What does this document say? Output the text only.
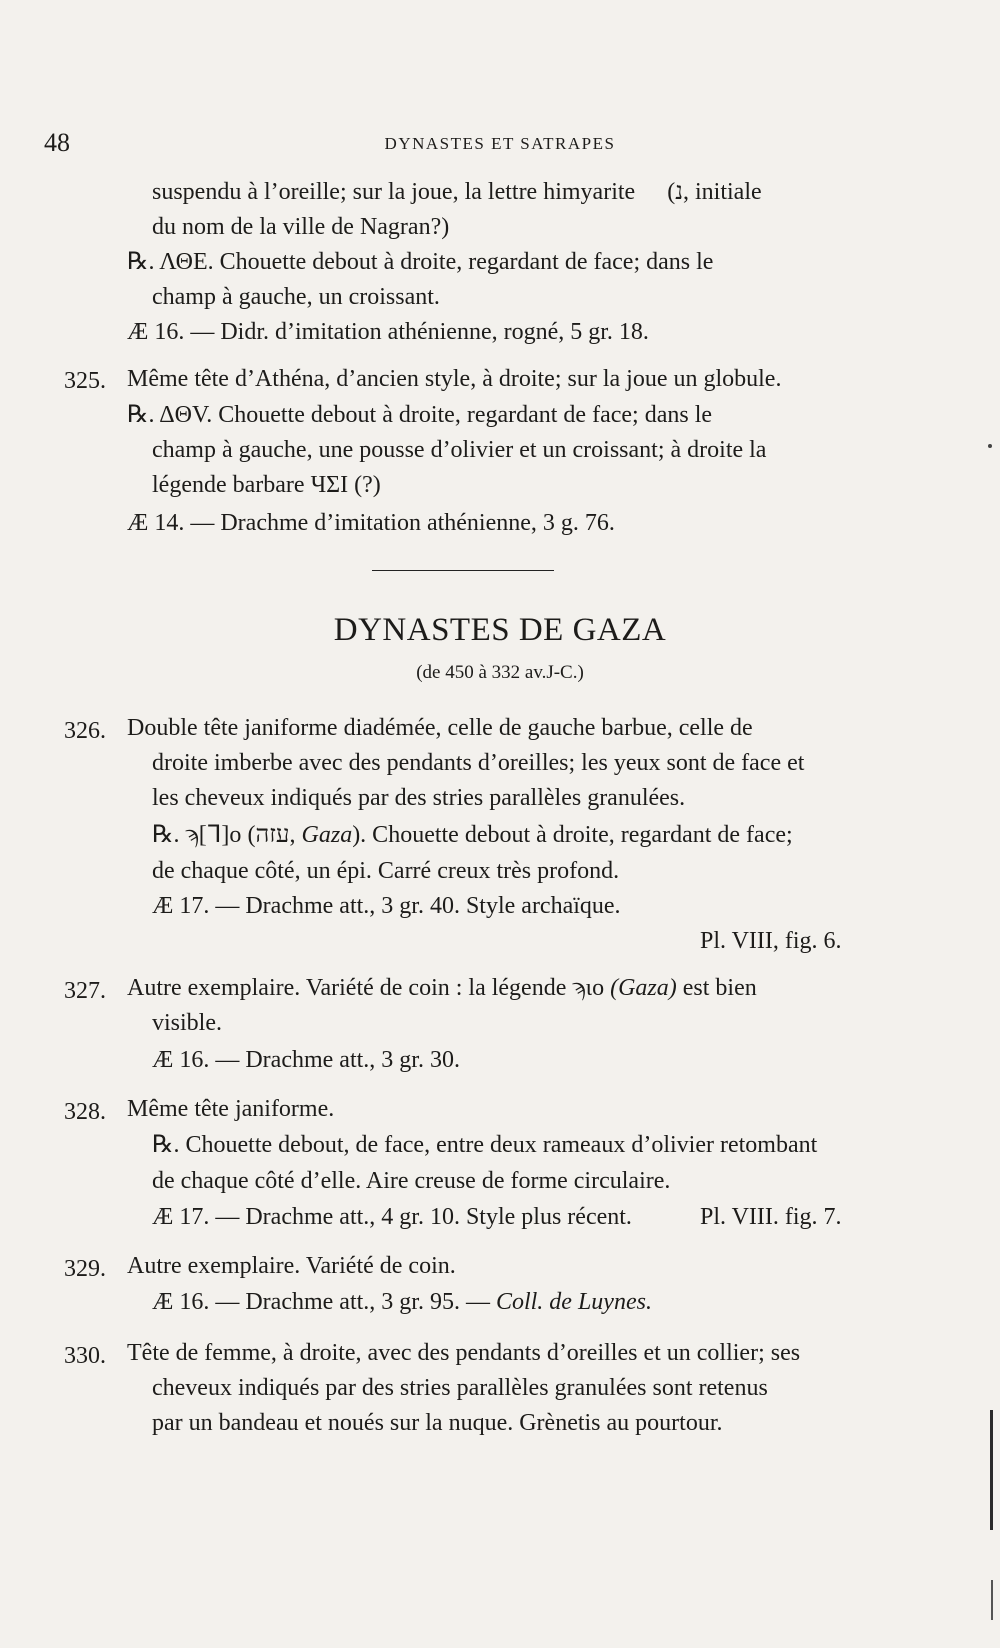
48	DYNASTES ET SATRAPES
suspendu à l’oreille; sur la joue, la lettre himyarite (נ, initiale
du nom de la ville de Nagran?)
℞. ΛΘΕ. Chouette debout à droite, regardant de face; dans le
champ à gauche, un croissant.
Æ 16. — Didr. d’imitation athénienne, rogné, 5 gr. 18.
325. Même tête d’Athéna, d’ancien style, à droite; sur la joue un globule.
℞. ΔΘV. Chouette debout à droite, regardant de face; dans le
champ à gauche, une pousse d’olivier et un croissant; à droite la
légende barbare ЧΣI (?)
Æ 14. — Drachme d’imitation athénienne, 3 g. 76.
DYNASTES DE GAZA
(de 450 à 332 av.J-C.)
326. Double tête janiforme diadémée, celle de gauche barbue, celle de
droite imberbe avec des pendants d’oreilles; les yeux sont de face et
les cheveux indiqués par des stries parallèles granulées.
℞. ϡ[ᒣ]o (עזה, Gaza). Chouette debout à droite, regardant de face;
de chaque côté, un épi. Carré creux très profond.
Æ 17. — Drachme att., 3 gr. 40. Style archaïque.
Pl. VIII, fig. 6.
327. Autre exemplaire. Variété de coin : la légende ϡɩo (Gaza) est bien
visible.
Æ 16. — Drachme att., 3 gr. 30.
328. Même tête janiforme.
℞. Chouette debout, de face, entre deux rameaux d’olivier retombant
de chaque côté d’elle. Aire creuse de forme circulaire.
Æ 17. — Drachme att., 4 gr. 10. Style plus récent.	Pl. VIII. fig. 7.
329. Autre exemplaire. Variété de coin.
Æ 16. — Drachme att., 3 gr. 95. — Coll. de Luynes.
330. Tête de femme, à droite, avec des pendants d’oreilles et un collier; ses
cheveux indiqués par des stries parallèles granulées sont retenus
par un bandeau et noués sur la nuque. Grènetis au pourtour.
